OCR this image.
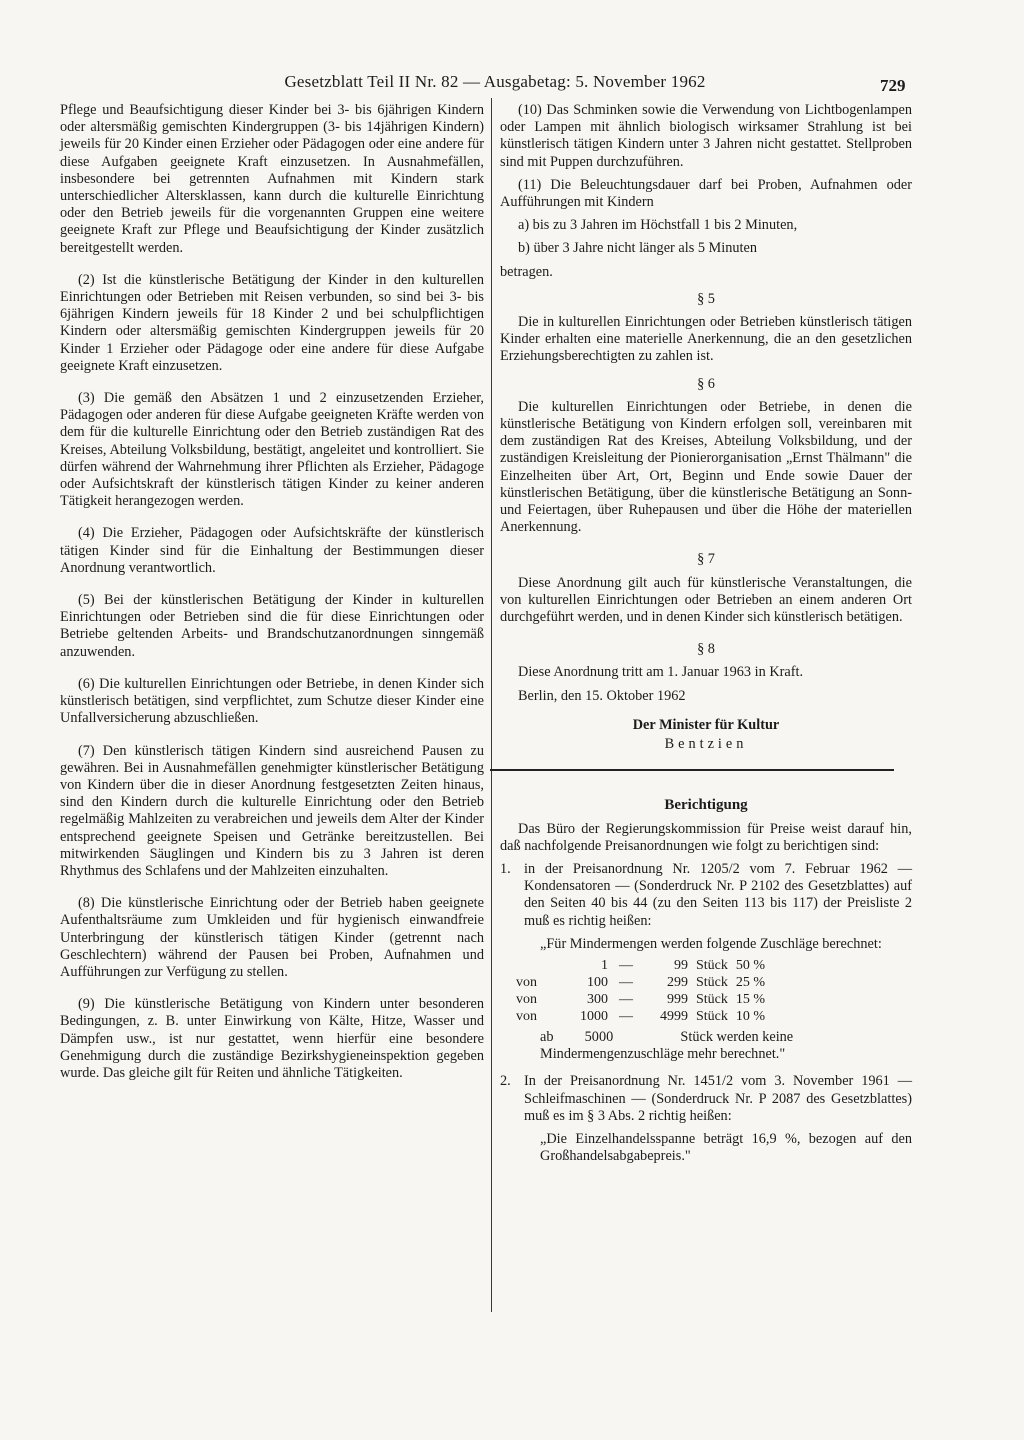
Gesetzblatt Teil II Nr. 82 — Ausgabetag: 5. November 1962	729

Pflege und Beaufsichtigung dieser Kinder bei 3- bis 6jährigen Kindern oder altersmäßig gemischten Kindergruppen (3- bis 14jährigen Kindern) jeweils für 20 Kinder einen Erzieher oder Pädagogen oder eine andere für diese Aufgaben geeignete Kraft einzusetzen. In Ausnahmefällen, insbesondere bei getrennten Aufnahmen mit Kindern stark unterschiedlicher Altersklassen, kann durch die kulturelle Einrichtung oder den Betrieb jeweils für die vorgenannten Gruppen eine weitere geeignete Kraft zur Pflege und Beaufsichtigung der Kinder zusätzlich bereitgestellt werden.

(2) Ist die künstlerische Betätigung der Kinder in den kulturellen Einrichtungen oder Betrieben mit Reisen verbunden, so sind bei 3- bis 6jährigen Kindern jeweils für 18 Kinder 2 und bei schulpflichtigen Kindern oder altersmäßig gemischten Kindergruppen jeweils für 20 Kinder 1 Erzieher oder Pädagoge oder eine andere für diese Aufgabe geeignete Kraft einzusetzen.

(3) Die gemäß den Absätzen 1 und 2 einzusetzenden Erzieher, Pädagogen oder anderen für diese Aufgabe geeigneten Kräfte werden von dem für die kulturelle Einrichtung oder den Betrieb zuständigen Rat des Kreises, Abteilung Volksbildung, bestätigt, angeleitet und kontrolliert. Sie dürfen während der Wahrnehmung ihrer Pflichten als Erzieher, Pädagoge oder Aufsichtskraft der künstlerisch tätigen Kinder zu keiner anderen Tätigkeit herangezogen werden.

(4) Die Erzieher, Pädagogen oder Aufsichtskräfte der künstlerisch tätigen Kinder sind für die Einhaltung der Bestimmungen dieser Anordnung verantwortlich.

(5) Bei der künstlerischen Betätigung der Kinder in kulturellen Einrichtungen oder Betrieben sind die für diese Einrichtungen oder Betriebe geltenden Arbeits- und Brandschutzanordnungen sinngemäß anzuwenden.

(6) Die kulturellen Einrichtungen oder Betriebe, in denen Kinder sich künstlerisch betätigen, sind verpflichtet, zum Schutze dieser Kinder eine Unfallversicherung abzuschließen.

(7) Den künstlerisch tätigen Kindern sind ausreichend Pausen zu gewähren. Bei in Ausnahmefällen genehmigter künstlerischer Betätigung von Kindern über die in dieser Anordnung festgesetzten Zeiten hinaus, sind den Kindern durch die kulturelle Einrichtung oder den Betrieb regelmäßig Mahlzeiten zu verabreichen und jeweils dem Alter der Kinder entsprechend geeignete Speisen und Getränke bereitzustellen. Bei mitwirkenden Säuglingen und Kindern bis zu 3 Jahren ist deren Rhythmus des Schlafens und der Mahlzeiten einzuhalten.

(8) Die künstlerische Einrichtung oder der Betrieb haben geeignete Aufenthaltsräume zum Umkleiden und für hygienisch einwandfreie Unterbringung der künstlerisch tätigen Kinder (getrennt nach Geschlechtern) während der Pausen bei Proben, Aufnahmen und Aufführungen zur Verfügung zu stellen.

(9) Die künstlerische Betätigung von Kindern unter besonderen Bedingungen, z. B. unter Einwirkung von Kälte, Hitze, Wasser und Dämpfen usw., ist nur gestattet, wenn hierfür eine besondere Genehmigung durch die zuständige Bezirkshygieneinspektion gegeben wurde. Das gleiche gilt für Reiten und ähnliche Tätigkeiten.

(10) Das Schminken sowie die Verwendung von Lichtbogenlampen oder Lampen mit ähnlich biologisch wirksamer Strahlung ist bei künstlerisch tätigen Kindern unter 3 Jahren nicht gestattet. Stellproben sind mit Puppen durchzuführen.

(11) Die Beleuchtungsdauer darf bei Proben, Aufnahmen oder Aufführungen mit Kindern

a) bis zu 3 Jahren im Höchstfall 1 bis 2 Minuten,
b) über 3 Jahre nicht länger als 5 Minuten
betragen.
§ 5

Die in kulturellen Einrichtungen oder Betrieben künstlerisch tätigen Kinder erhalten eine materielle Anerkennung, die an den gesetzlichen Erziehungsberechtigten zu zahlen ist.

§ 6

Die kulturellen Einrichtungen oder Betriebe, in denen die künstlerische Betätigung von Kindern erfolgen soll, vereinbaren mit dem zuständigen Rat des Kreises, Abteilung Volksbildung, und der zuständigen Kreisleitung der Pionierorganisation „Ernst Thälmann" die Einzelheiten über Art, Ort, Beginn und Ende sowie Dauer der künstlerischen Betätigung, über die künstlerische Betätigung an Sonn- und Feiertagen, über Ruhepausen und über die Höhe der materiellen Anerkennung.

§ 7

Diese Anordnung gilt auch für künstlerische Veranstaltungen, die von kulturellen Einrichtungen oder Betrieben an einem anderen Ort durchgeführt werden, und in denen Kinder sich künstlerisch betätigen.

§ 8

Diese Anordnung tritt am 1. Januar 1963 in Kraft.

Berlin, den 15. Oktober 1962

Der Minister für Kultur
Bentzien
Berichtigung

Das Büro der Regierungskommission für Preise weist darauf hin, daß nachfolgende Preisanordnungen wie folgt zu berichtigen sind:

1. in der Preisanordnung Nr. 1205/2 vom 7. Februar 1962 — Kondensatoren — (Sonderdruck Nr. P 2102 des Gesetzblattes) auf den Seiten 40 bis 44 (zu den Seiten 113 bis 117) der Preisliste 2 muß es richtig heißen:
„Für Mindermengen werden folgende Zuschläge berechnet:
	1	—	99	Stück	50 %
von	100	—	299	Stück	25 %
von	300	—	999	Stück	15 %
von	1000	—	4999	Stück	10 %
ab 5000	Stück werden keine Mindermengenzuschläge mehr berechnet."
2. In der Preisanordnung Nr. 1451/2 vom 3. November 1961 — Schleifmaschinen — (Sonderdruck Nr. P 2087 des Gesetzblattes) muß es im § 3 Abs. 2 richtig heißen:
„Die Einzelhandelsspanne beträgt 16,9 %, bezogen auf den Großhandelsabgabepreis."
